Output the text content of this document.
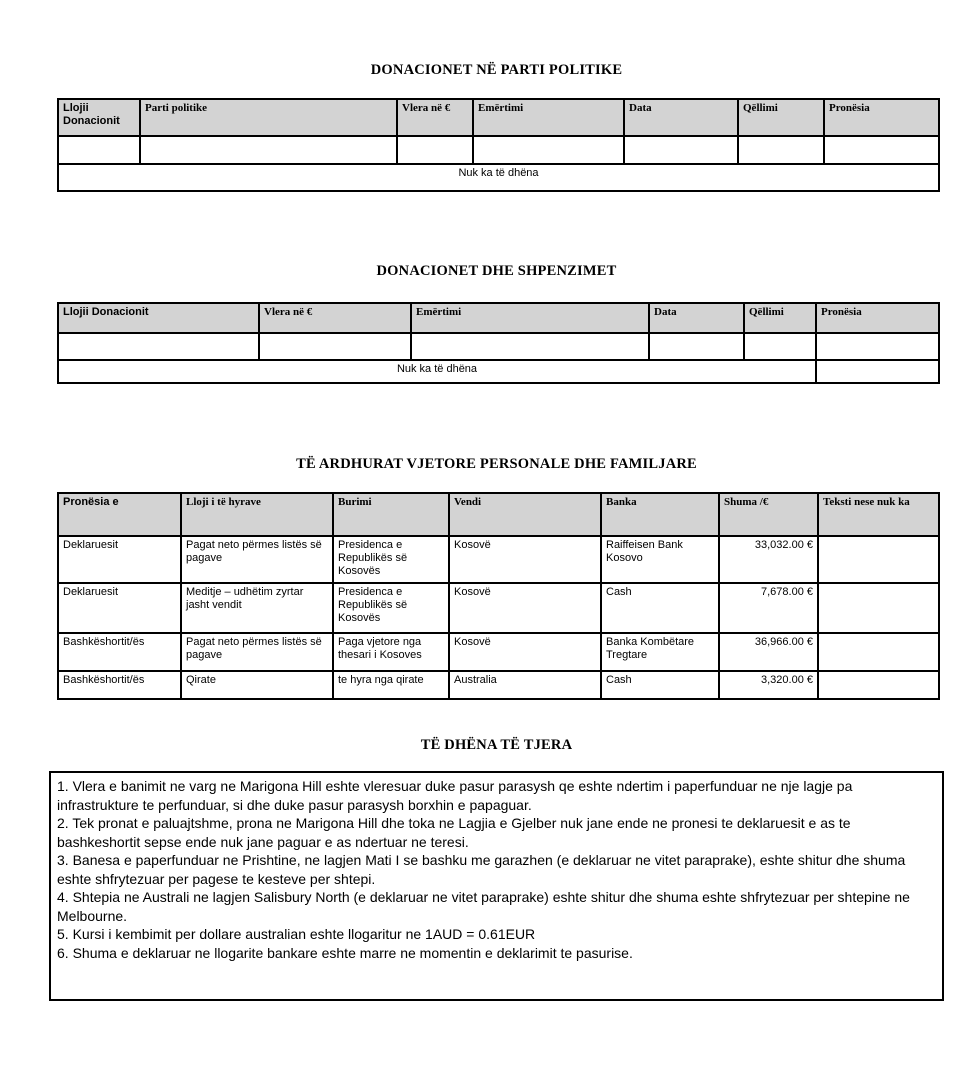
DONACIONET NË PARTI POLITIKE
Llojii Donacionit	Parti politike	Vlera në €	Emërtimi	Data	Qëllimi	Pronësia

Nuk ka të dhëna						
DONACIONET DHE SHPENZIMET
Llojii Donacionit	Vlera në €	Emërtimi	Data	Qëllimi	Pronësia

Nuk ka të dhëna					
TË ARDHURAT VJETORE PERSONALE DHE FAMILJARE
Pronësia e	Lloji i të hyrave	Burimi	Vendi	Banka	Shuma /€	Teksti nese nuk ka
Deklaruesit	Pagat neto përmes listës së pagave	Presidenca e Republikës së Kosovës	Kosovë	Raiffeisen Bank Kosovo	33,032.00 €	
Deklaruesit	Meditje – udhëtim zyrtar jasht vendit	Presidenca e Republikës së Kosovës	Kosovë	Cash	7,678.00 €	
Bashkëshortit/ës	Pagat neto përmes listës së pagave	Paga vjetore nga thesari i Kosoves	Kosovë	Banka Kombëtare Tregtare	36,966.00 €	
Bashkëshortit/ës	Qirate	te hyra nga qirate	Australia	Cash	3,320.00 €	
TË DHËNA TË TJERA

1. Vlera e banimit ne varg ne Marigona Hill eshte vleresuar duke pasur parasysh qe eshte ndertim i paperfunduar ne nje lagje pa infrastrukture te perfunduar, si dhe duke pasur parasysh borxhin e papaguar.

2. Tek pronat e paluajtshme, prona ne Marigona Hill dhe toka ne Lagjia e Gjelber nuk jane ende ne pronesi te deklaruesit e as te bashkeshortit sepse ende nuk jane paguar e as ndertuar ne teresi.

3. Banesa e paperfunduar ne Prishtine, ne lagjen Mati I se bashku me garazhen (e deklaruar ne vitet paraprake), eshte shitur dhe shuma eshte shfrytezuar per pagese te kesteve per shtepi.

4. Shtepia ne Australi ne lagjen Salisbury North (e deklaruar ne vitet paraprake) eshte shitur dhe shuma eshte shfrytezuar per shtepine ne Melbourne.

5. Kursi i kembimit per dollare australian eshte llogaritur ne 1AUD = 0.61EUR

6. Shuma e deklaruar ne llogarite bankare eshte marre ne momentin e deklarimit te pasurise.
